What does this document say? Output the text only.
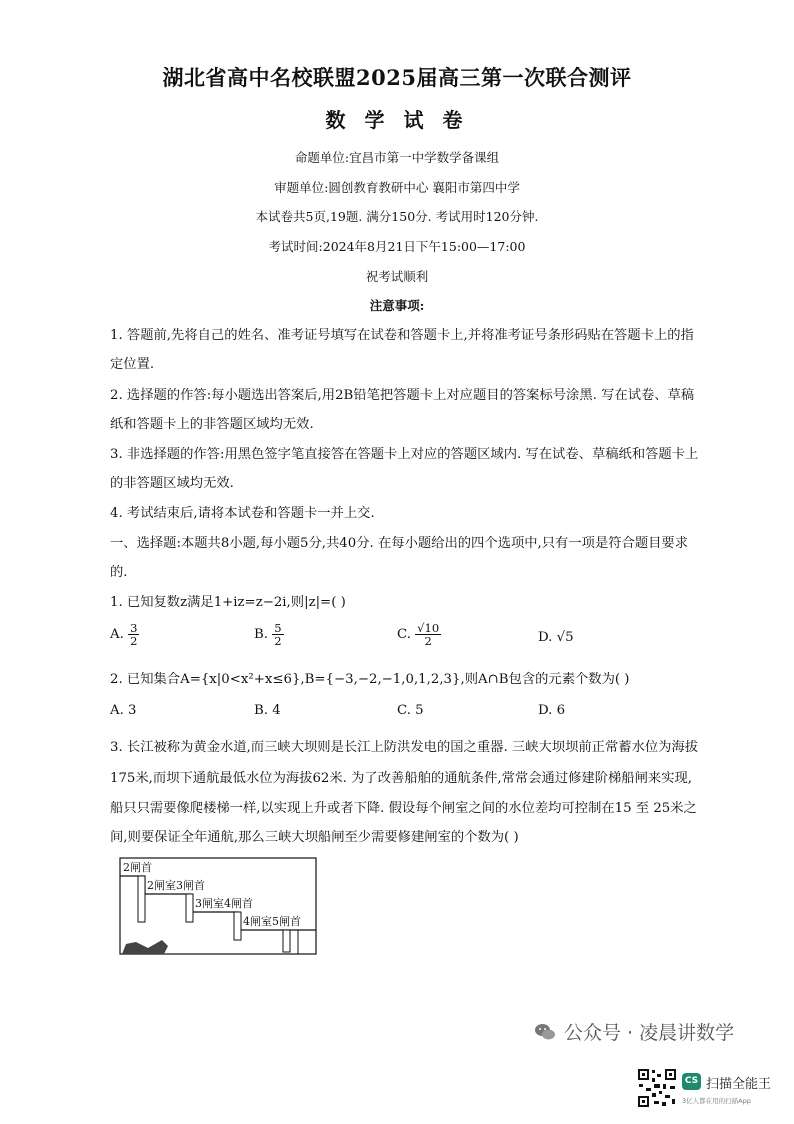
湖北省高中名校联盟2025届高三第一次联合测评
数 学 试 卷
命题单位:宜昌市第一中学数学备课组
审题单位:圆创教育教研中心 襄阳市第四中学
本试卷共5页,19题. 满分150分. 考试用时120分钟.
考试时间:2024年8月21日下午15:00—17:00
祝考试顺利
注意事项:
1. 答题前,先将自己的姓名、准考证号填写在试卷和答题卡上,并将准考证号条形码贴在答题卡上的指
定位置.
2. 选择题的作答:每小题选出答案后,用2B铅笔把答题卡上对应题目的答案标号涂黑. 写在试卷、草稿
纸和答题卡上的非答题区域均无效.
3. 非选择题的作答:用黑色签字笔直接答在答题卡上对应的答题区域内. 写在试卷、草稿纸和答题卡上
的非答题区域均无效.
4. 考试结束后,请将本试卷和答题卡一并上交.
一、选择题:本题共8小题,每小题5分,共40分. 在每小题给出的四个选项中,只有一项是符合题目要求
的.
1. 已知复数z满足1+iz=z−2i,则|z|=( )
A. $\frac{3}{2}$	B. $\frac{5}{2}$	C. $\frac{√10}{2}$	D. √5
2. 已知集合A={x|0<x²+x≤6},B={−3,−2,−1,0,1,2,3},则A∩B包含的元素个数为( )
A. 3	B. 4	C. 5	D. 6
3. 长江被称为黄金水道,而三峡大坝则是长江上防洪发电的国之重器. 三峡大坝坝前正常蓄水位为海拔
175米,而坝下通航最低水位为海拔62米. 为了改善船舶的通航条件,常常会通过修建阶梯船闸来实现,
船只只需要像爬楼梯一样,以实现上升或者下降. 假设每个闸室之间的水位差均可控制在15 至 25米之
间,则要保证全年通航,那么三峡大坝船闸至少需要修建闸室的个数为( )
2闸首
2闸室3闸首
3闸室4闸首
4闸室5闸首
公众号 · 凌晨讲数学
CS 扫描全能王
3亿人都在用的扫描App
